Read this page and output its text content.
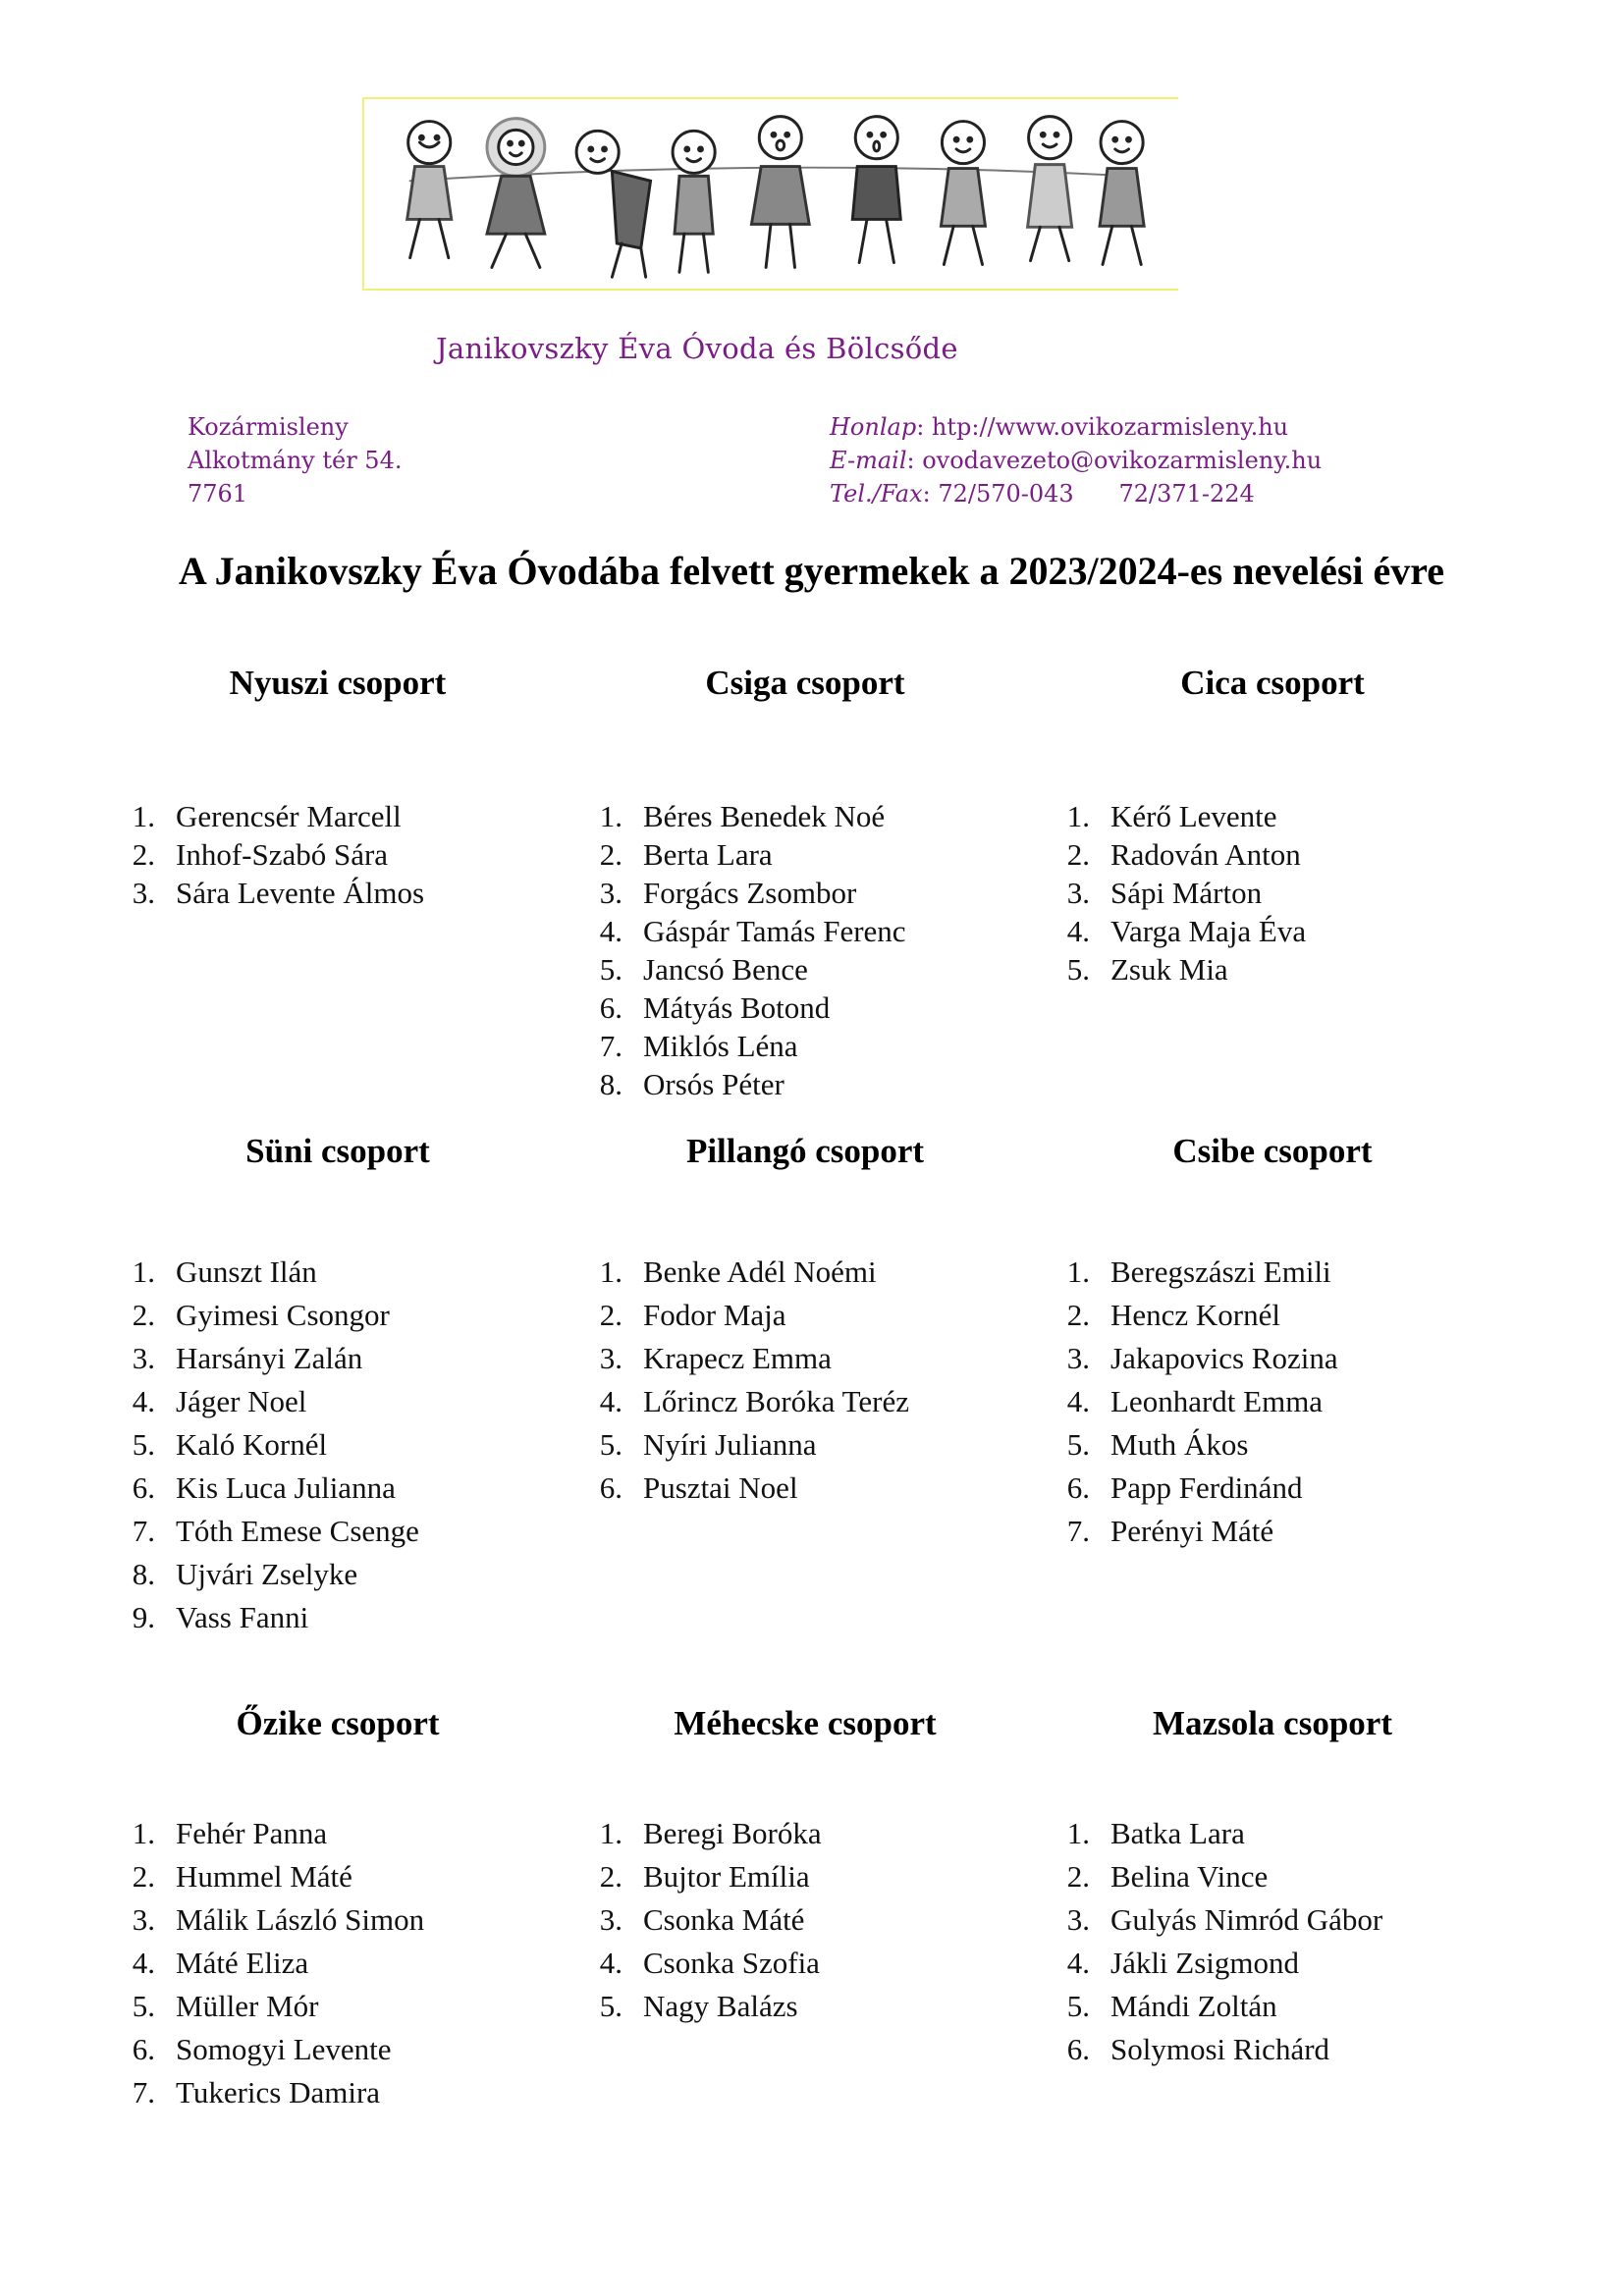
Janikovszky Éva Óvoda és Bölcsőde
Kozármisleny
Alkotmány tér 54.
7761
Honlap: htp://www.ovikozarmisleny.hu
E-mail: ovodavezeto@ovikozarmisleny.hu
Tel./Fax: 72/570-043      72/371-224
A Janikovszky Éva Óvodába felvett gyermekek a 2023/2024-es nevelési évre
Nyuszi csoport
1. Gerencsér Marcell
2. Inhof-Szabó Sára
3. Sára Levente Álmos
Csiga csoport
1. Béres Benedek Noé
2. Berta Lara
3. Forgács Zsombor
4. Gáspár Tamás Ferenc
5. Jancsó Bence
6. Mátyás Botond
7. Miklós Léna
8. Orsós Péter
Cica csoport
1. Kérő Levente
2. Radován Anton
3. Sápi Márton
4. Varga Maja Éva
5. Zsuk Mia
Süni csoport
1. Gunszt Ilán
2. Gyimesi Csongor
3. Harsányi Zalán
4. Jáger Noel
5. Kaló Kornél
6. Kis Luca Julianna
7. Tóth Emese Csenge
8. Ujvári Zselyke
9. Vass Fanni
Pillangó csoport
1. Benke Adél Noémi
2. Fodor Maja
3. Krapecz Emma
4. Lőrincz Boróka Teréz
5. Nyíri Julianna
6. Pusztai Noel
Csibe csoport
1. Beregszászi Emili
2. Hencz Kornél
3. Jakapovics Rozina
4. Leonhardt Emma
5. Muth Ákos
6. Papp Ferdinánd
7. Perényi Máté
Őzike csoport
1. Fehér Panna
2. Hummel Máté
3. Málik László Simon
4. Máté Eliza
5. Müller Mór
6. Somogyi Levente
7. Tukerics Damira
Méhecske csoport
1. Beregi Boróka
2. Bujtor Emília
3. Csonka Máté
4. Csonka Szofia
5. Nagy Balázs
Mazsola csoport
1. Batka Lara
2. Belina Vince
3. Gulyás Nimród Gábor
4. Jákli Zsigmond
5. Mándi Zoltán
6. Solymosi Richárd
